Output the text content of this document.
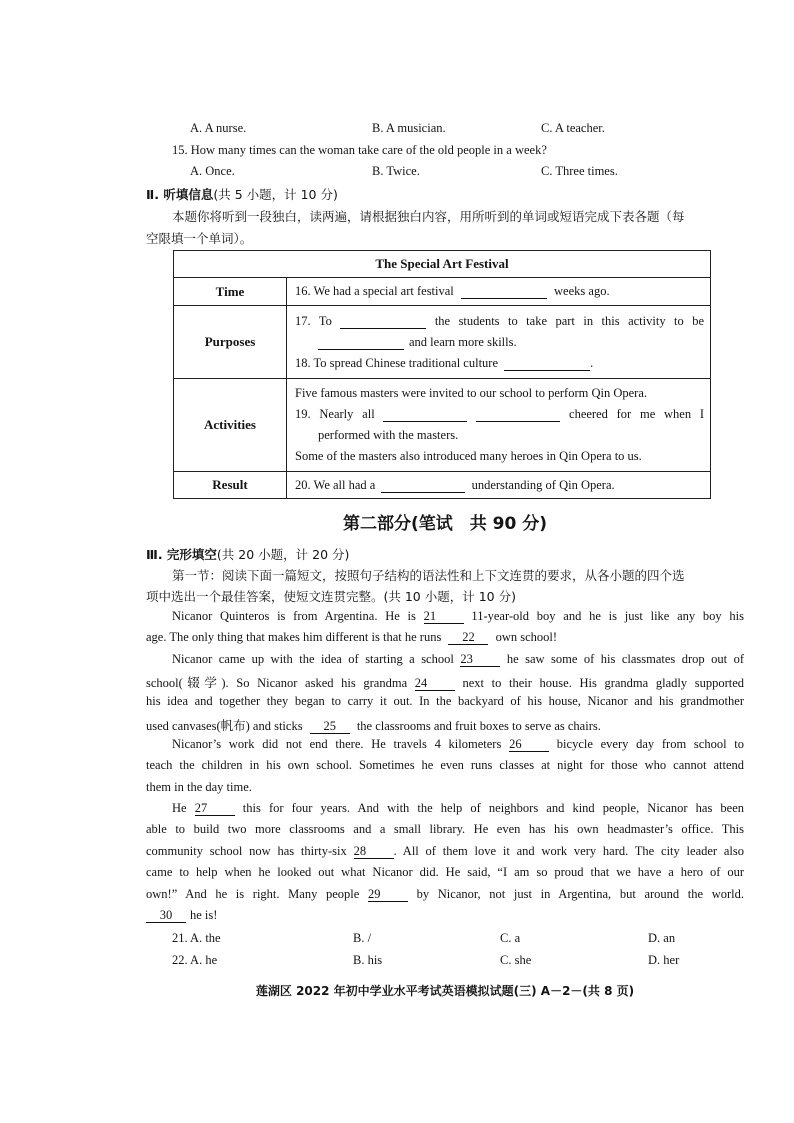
A. A nurse.	B. A musician.	C. A teacher.
15. How many times can the woman take care of the old people in a week?
A. Once.	B. Twice.	C. Three times.
Ⅱ. 听填信息(共 5 小题，计 10 分)
本题你将听到一段独白，读两遍，请根据独白内容，用所听到的单词或短语完成下表各题（每
空限填一个单词）。
The Special Art Festival	
Time	16. We had a special art festival weeks ago.

Purposes	17. To the students to take part in this activity to be
and learn more skills.
18. To spread Chinese traditional culture .

Activities	Five famous masters were invited to our school to perform Qin Opera.
19. Nearly all cheered for me when I
performed with the masters.
Some of the masters also introduced many heroes in Qin Opera to us.

Result	20. We all had a understanding of Qin Opera.
第二部分(笔试　共 90 分)
Ⅲ. 完形填空(共 20 小题，计 20 分)
第一节：阅读下面一篇短文，按照句子结构的语法性和上下文连贯的要求，从各小题的四个选
项中选出一个最佳答案，使短文连贯完整。(共 10 小题，计 10 分)
Nicanor Quinteros is from Argentina. He is 21	11-year-old boy and he is just like any boy his
age. The only thing that makes him different is that he runs 22 own school!
Nicanor came up with the idea of starting a school 23	he saw some of his classmates drop out of
school(辍学). So Nicanor asked his grandma 24	next to their house. His grandma gladly supported
his idea and together they began to carry it out. In the backyard of his house, Nicanor and his grandmother
used canvases(帆布) and sticks 25 the classrooms and fruit boxes to serve as chairs.
Nicanor’s work did not end there. He travels 4 kilometers 26	bicycle every day from school to
teach the children in his own school. Sometimes he even runs classes at night for those who cannot attend
them in the day time.
He 27	this for four years. And with the help of neighbors and kind people, Nicanor has been
able to build two more classrooms and a small library. He even has his own headmaster’s office. This
community school now has thirty-six 28 . All of them love it and work very hard. The city leader also
came to help when he looked out what Nicanor did. He said, “I am so proud that we have a hero of our
own!” And he is right. Many people 29	by Nicanor, not just in Argentina, but around the world.
30 he is!
21. A. the	B. /	C. a	D. an
22. A. he	B. his	C. she	D. her
莲湖区 2022 年初中学业水平考试英语模拟试题(三) A－2－(共 8 页)
